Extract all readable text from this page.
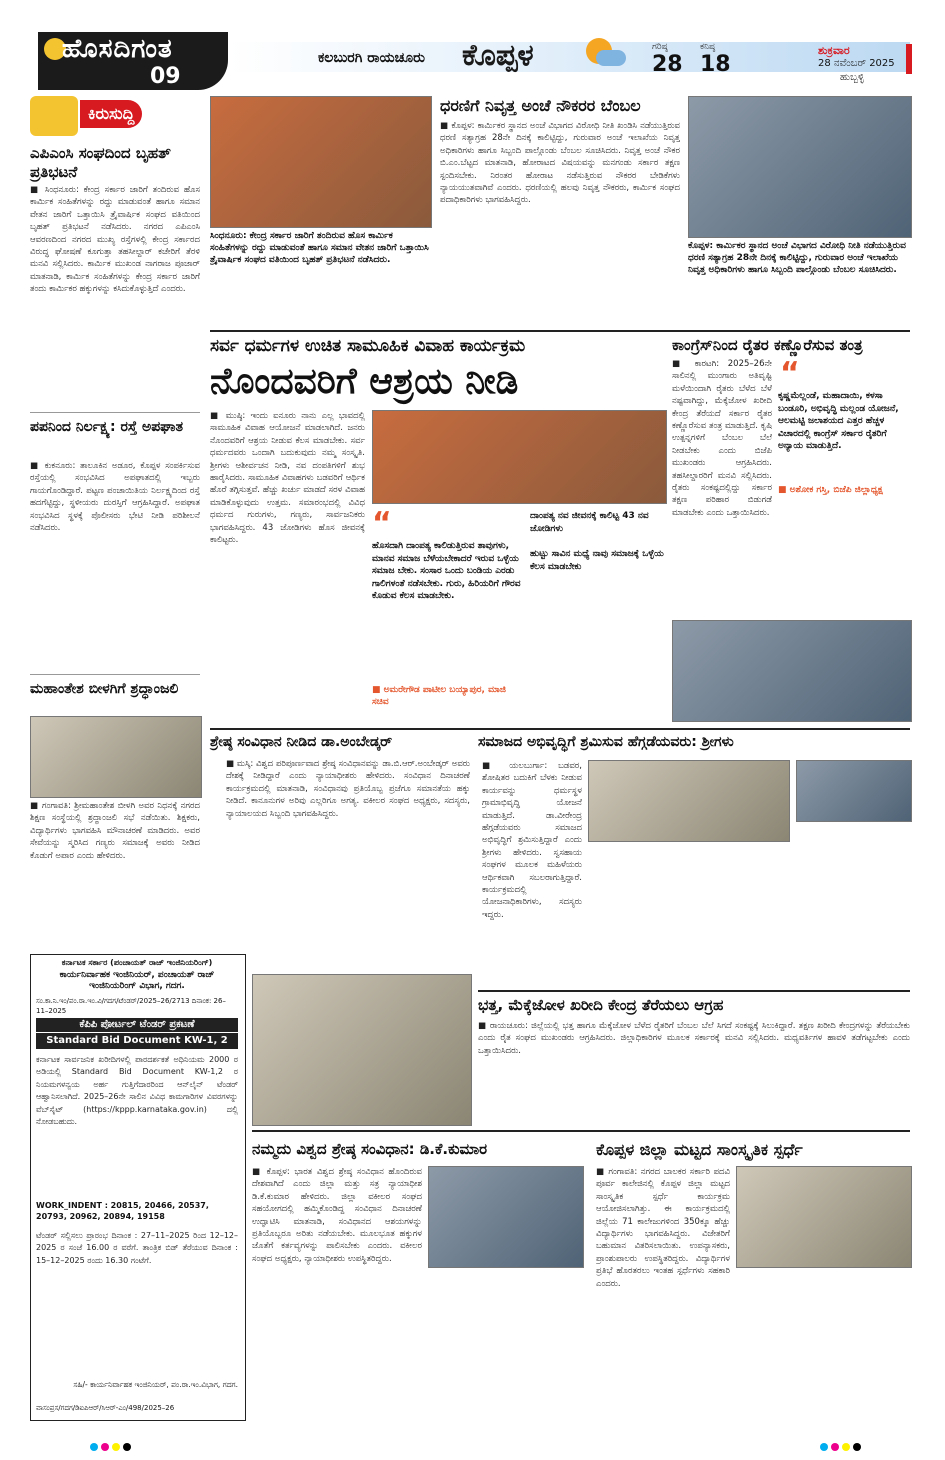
ಹೊಸದಿಗಂತ
09
ಕಲಬುರಗಿ ರಾಯಚೂರು ಕೊಪ್ಪಳ	ಗರಿಷ್ಠ
28
ಕನಿಷ್ಠ
18
ಶುಕ್ರವಾರ
28 ನವೆಂಬರ್ 2025
ಹುಬ್ಬಳ್ಳಿ
ಕಿರುಸುದ್ದಿ
ಎಪಿಎಂಸಿ ಸಂಘದಿಂದ ಬೃಹತ್ ಪ್ರತಿಭಟನೆ
■ ಸಿಂಧನೂರು: ಕೇಂದ್ರ ಸರ್ಕಾರ ಜಾರಿಗೆ ತಂದಿರುವ ಹೊಸ ಕಾರ್ಮಿಕ ಸಂಹಿತೆಗಳನ್ನು ರದ್ದು ಮಾಡುವಂತೆ ಹಾಗೂ ಸಮಾನ ವೇತನ ಜಾರಿಗೆ ಒತ್ತಾಯಿಸಿ ತ್ರೈವಾರ್ಷಿಕ ಸಂಘದ ವತಿಯಿಂದ ಬೃಹತ್ ಪ್ರತಿಭಟನೆ ನಡೆಸಿದರು. ನಗರದ ಎಪಿಎಂಸಿ ಆವರಣದಿಂದ ನಗರದ ಮುಖ್ಯ ರಸ್ತೆಗಳಲ್ಲಿ ಕೇಂದ್ರ ಸರ್ಕಾರದ ವಿರುದ್ಧ ಘೋಷಣೆ ಕೂಗುತ್ತಾ ತಹಸೀಲ್ದಾರ್ ಕಚೇರಿಗೆ ತೆರಳಿ ಮನವಿ ಸಲ್ಲಿಸಿದರು. ಕಾರ್ಮಿಕ ಮುಖಂಡ ನಾಗರಾಜ ಪೂಜಾರ್ ಮಾತನಾಡಿ, ಕಾರ್ಮಿಕ ಸಂಹಿತೆಗಳನ್ನು ಕೇಂದ್ರ ಸರ್ಕಾರ ಜಾರಿಗೆ ತಂದು ಕಾರ್ಮಿಕರ ಹಕ್ಕುಗಳನ್ನು ಕಸಿದುಕೊಳ್ಳುತ್ತಿದೆ ಎಂದರು.
ಪಪನಿಂದ ನಿರ್ಲಕ್ಷ್ಯ: ರಸ್ತೆ ಅಪಘಾತ
■ ಕುಕನೂರು: ತಾಲೂಕಿನ ಅಡೂರ, ಕೊಪ್ಪಳ ಸಂಪರ್ಕಿಸುವ ರಸ್ತೆಯಲ್ಲಿ ಸಂಭವಿಸಿದ ಅಪಘಾತದಲ್ಲಿ ಇಬ್ಬರು ಗಾಯಗೊಂಡಿದ್ದಾರೆ. ಪಟ್ಟಣ ಪಂಚಾಯಿತಿಯ ನಿರ್ಲಕ್ಷ್ಯದಿಂದ ರಸ್ತೆ ಹದಗೆಟ್ಟಿದ್ದು, ಸ್ಥಳೀಯರು ದುರಸ್ತಿಗೆ ಆಗ್ರಹಿಸಿದ್ದಾರೆ. ಅಪಘಾತ ಸಂಭವಿಸಿದ ಸ್ಥಳಕ್ಕೆ ಪೊಲೀಸರು ಭೇಟಿ ನೀಡಿ ಪರಿಶೀಲನೆ ನಡೆಸಿದರು.
ಮಹಾಂತೇಶ ಬೀಳಗಿಗೆ ಶ್ರದ್ಧಾಂಜಲಿ
■ ಗಂಗಾವತಿ: ಶ್ರೀಮಹಾಂತೇಶ ಬೀಳಗಿ ಅವರ ನಿಧನಕ್ಕೆ ನಗರದ ಶಿಕ್ಷಣ ಸಂಸ್ಥೆಯಲ್ಲಿ ಶ್ರದ್ಧಾಂಜಲಿ ಸಭೆ ನಡೆಯಿತು. ಶಿಕ್ಷಕರು, ವಿದ್ಯಾರ್ಥಿಗಳು ಭಾಗವಹಿಸಿ ಮೌನಾಚರಣೆ ಮಾಡಿದರು. ಅವರ ಸೇವೆಯನ್ನು ಸ್ಮರಿಸಿದ ಗಣ್ಯರು ಸಮಾಜಕ್ಕೆ ಅವರು ನೀಡಿದ ಕೊಡುಗೆ ಅಪಾರ ಎಂದು ಹೇಳಿದರು.
ಕರ್ನಾಟಕ ಸರ್ಕಾರ (ಪಂಚಾಯತ್ ರಾಜ್ ಇಂಜಿನಿಯರಿಂಗ್)
ಕಾರ್ಯನಿರ್ವಾಹಕ ಇಂಜಿನಿಯರ್, ಪಂಚಾಯತ್ ರಾಜ್ ಇಂಜಿನಿಯರಿಂಗ್ ವಿಭಾಗ, ಗದಗ.
ಸಂ.ಕಾ.ನಿ.ಇಂ/ಪಂ.ರಾ.ಇಂ.ವಿ/ಗದಗ/ಟೆಂಡರ್/2025–26/2713 ದಿನಾಂಕ: 26–11–2025
ಕೆಪಿಪಿ ಪೋರ್ಟಲ್ ಟೆಂಡರ್ ಪ್ರಕಟಣೆ
Standard Bid Document KW-1, 2
ಕರ್ನಾಟಕ ಸಾರ್ವಜನಿಕ ಖರೀದಿಗಳಲ್ಲಿ ಪಾರದರ್ಶಕತೆ ಅಧಿನಿಯಮ 2000 ರ ಅಡಿಯಲ್ಲಿ Standard Bid Document KW-1,2 ರ ನಿಯಮಗಳನ್ವಯ ಅರ್ಹ ಗುತ್ತಿಗೆದಾರರಿಂದ ಆನ್‌ಲೈನ್ ಟೆಂಡರ್ ಆಹ್ವಾನಿಸಲಾಗಿದೆ. 2025–26ನೇ ಸಾಲಿನ ವಿವಿಧ ಕಾಮಗಾರಿಗಳ ವಿವರಗಳನ್ನು ವೆಬ್‌ಸೈಟ್ (https://kppp.karnataka.gov.in) ದಲ್ಲಿ ನೋಡಬಹುದು.
WORK_INDENT : 20815, 20466, 20537, 20793, 20962, 20894, 19158
ಟೆಂಡರ್ ಸಲ್ಲಿಸಲು ಪ್ರಾರಂಭ ದಿನಾಂಕ : 27–11–2025 ರಿಂದ 12–12–2025 ರ ಸಂಜೆ 16.00 ರ ವರೆಗೆ. ತಾಂತ್ರಿಕ ಬಿಡ್ ತೆರೆಯುವ ದಿನಾಂಕ : 15–12–2025 ರಂದು 16.30 ಗಂಟೆಗೆ.
ಸಹಿ/- ಕಾರ್ಯನಿರ್ವಾಹಕ ಇಂಜಿನಿಯರ್, ಪಂ.ರಾ.ಇಂ.ವಿಭಾಗ, ಗದಗ.
ವಾಸಂಪ್ರಸ/ಗದಗ/ಡಿಐಪಿಆರ್/ಸಿಆರ್-ಎಂ/498/2025–26
ಸಿಂಧನೂರು: ಕೇಂದ್ರ ಸರ್ಕಾರ ಜಾರಿಗೆ ತಂದಿರುವ ಹೊಸ ಕಾರ್ಮಿಕ ಸಂಹಿತೆಗಳನ್ನು ರದ್ದು ಮಾಡುವಂತೆ ಹಾಗೂ ಸಮಾನ ವೇತನ ಜಾರಿಗೆ ಒತ್ತಾಯಿಸಿ ತ್ರೈವಾರ್ಷಿಕ ಸಂಘದ ವತಿಯಿಂದ ಬೃಹತ್ ಪ್ರತಿಭಟನೆ ನಡೆಸಿದರು.
ಧರಣಿಗೆ ನಿವೃತ್ತ ಅಂಚೆ ನೌಕರರ ಬೆಂಬಲ
■ ಕೊಪ್ಪಳ: ಕಾರ್ಮಿಕರ ಸ್ಥಾನದ ಅಂಚೆ ವಿಭಾಗದ ವಿರೋಧಿ ನೀತಿ ಖಂಡಿಸಿ ನಡೆಯುತ್ತಿರುವ ಧರಣಿ ಸತ್ಯಾಗ್ರಹ 28ನೇ ದಿನಕ್ಕೆ ಕಾಲಿಟ್ಟಿದ್ದು, ಗುರುವಾರ ಅಂಚೆ ಇಲಾಖೆಯ ನಿವೃತ್ತ ಅಧಿಕಾರಿಗಳು ಹಾಗೂ ಸಿಬ್ಬಂದಿ ಪಾಲ್ಗೊಂಡು ಬೆಂಬಲ ಸೂಚಿಸಿದರು. ನಿವೃತ್ತ ಅಂಚೆ ನೌಕರ ಬಿ.ಎಂ.ಬೆಟ್ಟದ ಮಾತನಾಡಿ, ಹೋರಾಟದ ವಿಷಯವನ್ನು ಮನಗಂಡು ಸರ್ಕಾರ ತಕ್ಷಣ ಸ್ಪಂದಿಸಬೇಕು. ನಿರಂತರ ಹೋರಾಟ ನಡೆಸುತ್ತಿರುವ ನೌಕರರ ಬೇಡಿಕೆಗಳು ನ್ಯಾಯಯುತವಾಗಿವೆ ಎಂದರು. ಧರಣಿಯಲ್ಲಿ ಹಲವು ನಿವೃತ್ತ ನೌಕರರು, ಕಾರ್ಮಿಕ ಸಂಘದ ಪದಾಧಿಕಾರಿಗಳು ಭಾಗವಹಿಸಿದ್ದರು.
ಕೊಪ್ಪಳ: ಕಾರ್ಮಿಕರ ಸ್ಥಾನದ ಅಂಚೆ ವಿಭಾಗದ ವಿರೋಧಿ ನೀತಿ ನಡೆಯುತ್ತಿರುವ ಧರಣಿ ಸತ್ಯಾಗ್ರಹ 28ನೇ ದಿನಕ್ಕೆ ಕಾಲಿಟ್ಟಿದ್ದು, ಗುರುವಾರ ಅಂಚೆ ಇಲಾಖೆಯ ನಿವೃತ್ತ ಅಧಿಕಾರಿಗಳು ಹಾಗೂ ಸಿಬ್ಬಂದಿ ಪಾಲ್ಗೊಂಡು ಬೆಂಬಲ ಸೂಚಿಸಿದರು.
ಸರ್ವ ಧರ್ಮಗಳ ಉಚಿತ ಸಾಮೂಹಿಕ ವಿವಾಹ ಕಾರ್ಯಕ್ರಮ
ನೊಂದವರಿಗೆ ಆಶ್ರಯ ನೀಡಿ
■ ಮುಷ್ಠಿ: ಇಂದು ಐನೂರು ನಾನು ಎಲ್ಲ ಭಾವದಲ್ಲಿ ಸಾಮೂಹಿಕ ವಿವಾಹ ಆಯೋಜನೆ ಮಾಡಲಾಗಿದೆ. ಜನರು ನೊಂದವರಿಗೆ ಆಶ್ರಯ ನೀಡುವ ಕೆಲಸ ಮಾಡಬೇಕು. ಸರ್ವ ಧರ್ಮದವರು ಒಂದಾಗಿ ಬದುಕುವುದು ನಮ್ಮ ಸಂಸ್ಕೃತಿ. ಶ್ರೀಗಳು ಆಶೀರ್ವಚನ ನೀಡಿ, ನವ ದಂಪತಿಗಳಿಗೆ ಶುಭ ಹಾರೈಸಿದರು. ಸಾಮೂಹಿಕ ವಿವಾಹಗಳು ಬಡವರಿಗೆ ಆರ್ಥಿಕ ಹೊರೆ ತಗ್ಗಿಸುತ್ತವೆ. ಹೆಚ್ಚು ಖರ್ಚು ಮಾಡದೆ ಸರಳ ವಿವಾಹ ಮಾಡಿಕೊಳ್ಳುವುದು ಉತ್ತಮ. ಸಮಾರಂಭದಲ್ಲಿ ವಿವಿಧ ಧರ್ಮದ ಗುರುಗಳು, ಗಣ್ಯರು, ಸಾರ್ವಜನಿಕರು ಭಾಗವಹಿಸಿದ್ದರು. 43 ಜೋಡಿಗಳು ಹೊಸ ಜೀವನಕ್ಕೆ ಕಾಲಿಟ್ಟರು.	“
ಹೊಸದಾಗಿ ದಾಂಪತ್ಯ ಕಾಲಿಡುತ್ತಿರುವ ತಾವುಗಳು, ಮಾನವ ಸಮಾಜ ಬೆಳೆಯಬೇಕಾದರೆ ಇರುವ ಒಳ್ಳೆಯ ಸಮಾಜ ಬೇಕು. ಸಂಸಾರ ಒಂದು ಬಂಡಿಯ ಎರಡು ಗಾಲಿಗಳಂತೆ ನಡೆಸಬೇಕು. ಗುರು, ಹಿರಿಯರಿಗೆ ಗೌರವ ಕೊಡುವ ಕೆಲಸ ಮಾಡಬೇಕು.
■ ಅಮರೇಗೌಡ ಪಾಟೀಲ ಬಯ್ಯಾಪುರ, ಮಾಜಿ ಸಚಿವ
ದಾಂಪತ್ಯ ನವ ಜೀವನಕ್ಕೆ ಕಾಲಿಟ್ಟ 43 ನವ ಜೋಡಿಗಳು
ಹುಟ್ಟು ಸಾವಿನ ಮಧ್ಯೆ ನಾವು ಸಮಾಜಕ್ಕೆ ಒಳ್ಳೆಯ ಕೆಲಸ ಮಾಡಬೇಕು
ಕಾಂಗ್ರೆಸ್‌ನಿಂದ ರೈತರ ಕಣ್ಣೊರೆಸುವ ತಂತ್ರ
■ ಕಾರಟಗಿ: 2025–26ನೇ ಸಾಲಿನಲ್ಲಿ ಮುಂಗಾರು ಅತಿವೃಷ್ಟಿ ಮಳೆಯಿಂದಾಗಿ ರೈತರು ಬೆಳೆದ ಬೆಳೆ ನಷ್ಟವಾಗಿದ್ದು, ಮೆಕ್ಕೆಜೋಳ ಖರೀದಿ ಕೇಂದ್ರ ತೆರೆಯದೆ ಸರ್ಕಾರ ರೈತರ ಕಣ್ಣೊರೆಸುವ ತಂತ್ರ ಮಾಡುತ್ತಿದೆ. ಕೃಷಿ ಉತ್ಪನ್ನಗಳಿಗೆ ಬೆಂಬಲ ಬೆಲೆ ನೀಡಬೇಕು ಎಂದು ಬಿಜೆಪಿ ಮುಖಂಡರು ಆಗ್ರಹಿಸಿದರು. ತಹಸೀಲ್ದಾರರಿಗೆ ಮನವಿ ಸಲ್ಲಿಸಿದರು. ರೈತರು ಸಂಕಷ್ಟದಲ್ಲಿದ್ದು ಸರ್ಕಾರ ತಕ್ಷಣ ಪರಿಹಾರ ಬಿಡುಗಡೆ ಮಾಡಬೇಕು ಎಂದು ಒತ್ತಾಯಿಸಿದರು.
“
ಕೃಷ್ಣಮೆಲ್ಲಂಡೆ, ಮಹಾದಾಯಿ, ಕಳಸಾ ಬಂಡೂರಿ, ಅಭಿವೃದ್ಧಿ ಮಲ್ಲಂಡ ಯೋಜನೆ, ಆಲಮಟ್ಟಿ ಜಲಾಶಯದ ಎತ್ತರ ಹೆಚ್ಚಳ ವಿಚಾರದಲ್ಲಿ ಕಾಂಗ್ರೆಸ್ ಸರ್ಕಾರ ರೈತರಿಗೆ ಅನ್ಯಾಯ ಮಾಡುತ್ತಿದೆ.
■ ಅಶೋಕ ಗಸ್ತಿ, ಬಿಜೆಪಿ ಜಿಲ್ಲಾಧ್ಯಕ್ಷ
ಶ್ರೇಷ್ಠ ಸಂವಿಧಾನ ನೀಡಿದ ಡಾ.ಅಂಬೇಡ್ಕರ್
■ ಮಸ್ಕಿ: ವಿಶ್ವದ ಪರಿಪೂರ್ಣವಾದ ಶ್ರೇಷ್ಠ ಸಂವಿಧಾನವನ್ನು ಡಾ.ಬಿ.ಆರ್.ಅಂಬೇಡ್ಕರ್ ಅವರು ದೇಶಕ್ಕೆ ನೀಡಿದ್ದಾರೆ ಎಂದು ನ್ಯಾಯಾಧೀಶರು ಹೇಳಿದರು. ಸಂವಿಧಾನ ದಿನಾಚರಣೆ ಕಾರ್ಯಕ್ರಮದಲ್ಲಿ ಮಾತನಾಡಿ, ಸಂವಿಧಾನವು ಪ್ರತಿಯೊಬ್ಬ ಪ್ರಜೆಗೂ ಸಮಾನತೆಯ ಹಕ್ಕು ನೀಡಿದೆ. ಕಾನೂನುಗಳ ಅರಿವು ಎಲ್ಲರಿಗೂ ಅಗತ್ಯ. ವಕೀಲರ ಸಂಘದ ಅಧ್ಯಕ್ಷರು, ಸದಸ್ಯರು, ನ್ಯಾಯಾಲಯದ ಸಿಬ್ಬಂದಿ ಭಾಗವಹಿಸಿದ್ದರು.
ಸಮಾಜದ ಅಭಿವೃದ್ಧಿಗೆ ಶ್ರಮಿಸುವ ಹೆಗ್ಗಡೆಯವರು: ಶ್ರೀಗಳು
■ ಯಲಬುರ್ಗಾ: ಬಡವರ, ಶೋಷಿತರ ಬದುಕಿಗೆ ಬೆಳಕು ನೀಡುವ ಕಾರ್ಯವನ್ನು ಧರ್ಮಸ್ಥಳ ಗ್ರಾಮಾಭಿವೃದ್ಧಿ ಯೋಜನೆ ಮಾಡುತ್ತಿದೆ. ಡಾ.ವೀರೇಂದ್ರ ಹೆಗ್ಗಡೆಯವರು ಸಮಾಜದ ಅಭಿವೃದ್ಧಿಗೆ ಶ್ರಮಿಸುತ್ತಿದ್ದಾರೆ ಎಂದು ಶ್ರೀಗಳು ಹೇಳಿದರು. ಸ್ವಸಹಾಯ ಸಂಘಗಳ ಮೂಲಕ ಮಹಿಳೆಯರು ಆರ್ಥಿಕವಾಗಿ ಸಬಲರಾಗುತ್ತಿದ್ದಾರೆ. ಕಾರ್ಯಕ್ರಮದಲ್ಲಿ ಯೋಜನಾಧಿಕಾರಿಗಳು, ಸದಸ್ಯರು ಇದ್ದರು.
ಭತ್ತ, ಮೆಕ್ಕೆಜೋಳ ಖರೀದಿ ಕೇಂದ್ರ ತೆರೆಯಲು ಆಗ್ರಹ
■ ರಾಯಚೂರು: ಜಿಲ್ಲೆಯಲ್ಲಿ ಭತ್ತ ಹಾಗೂ ಮೆಕ್ಕೆಜೋಳ ಬೆಳೆದ ರೈತರಿಗೆ ಬೆಂಬಲ ಬೆಲೆ ಸಿಗದೆ ಸಂಕಷ್ಟಕ್ಕೆ ಸಿಲುಕಿದ್ದಾರೆ. ತಕ್ಷಣ ಖರೀದಿ ಕೇಂದ್ರಗಳನ್ನು ತೆರೆಯಬೇಕು ಎಂದು ರೈತ ಸಂಘದ ಮುಖಂಡರು ಆಗ್ರಹಿಸಿದರು. ಜಿಲ್ಲಾಧಿಕಾರಿಗಳ ಮೂಲಕ ಸರ್ಕಾರಕ್ಕೆ ಮನವಿ ಸಲ್ಲಿಸಿದರು. ಮಧ್ಯವರ್ತಿಗಳ ಹಾವಳಿ ತಡೆಗಟ್ಟಬೇಕು ಎಂದು ಒತ್ತಾಯಿಸಿದರು.
ನಮ್ಮದು ವಿಶ್ವದ ಶ್ರೇಷ್ಠ ಸಂವಿಧಾನ: ಡಿ.ಕೆ.ಕುಮಾರ
■ ಕೊಪ್ಪಳ: ಭಾರತ ವಿಶ್ವದ ಶ್ರೇಷ್ಠ ಸಂವಿಧಾನ ಹೊಂದಿರುವ ದೇಶವಾಗಿದೆ ಎಂದು ಜಿಲ್ಲಾ ಮತ್ತು ಸತ್ರ ನ್ಯಾಯಾಧೀಶ ಡಿ.ಕೆ.ಕುಮಾರ ಹೇಳಿದರು. ಜಿಲ್ಲಾ ವಕೀಲರ ಸಂಘದ ಸಹಯೋಗದಲ್ಲಿ ಹಮ್ಮಿಕೊಂಡಿದ್ದ ಸಂವಿಧಾನ ದಿನಾಚರಣೆ ಉದ್ಘಾಟಿಸಿ ಮಾತನಾಡಿ, ಸಂವಿಧಾನದ ಆಶಯಗಳನ್ನು ಪ್ರತಿಯೊಬ್ಬರೂ ಅರಿತು ನಡೆಯಬೇಕು. ಮೂಲಭೂತ ಹಕ್ಕುಗಳ ಜೊತೆಗೆ ಕರ್ತವ್ಯಗಳನ್ನು ಪಾಲಿಸಬೇಕು ಎಂದರು. ವಕೀಲರ ಸಂಘದ ಅಧ್ಯಕ್ಷರು, ನ್ಯಾಯಾಧೀಶರು ಉಪಸ್ಥಿತರಿದ್ದರು.
ಕೊಪ್ಪಳ ಜಿಲ್ಲಾ ಮಟ್ಟದ ಸಾಂಸ್ಕೃತಿಕ ಸ್ಪರ್ಧೆ
■ ಗಂಗಾವತಿ: ನಗರದ ಬಾಲಕರ ಸರ್ಕಾರಿ ಪದವಿ ಪೂರ್ವ ಕಾಲೇಜಿನಲ್ಲಿ ಕೊಪ್ಪಳ ಜಿಲ್ಲಾ ಮಟ್ಟದ ಸಾಂಸ್ಕೃತಿಕ ಸ್ಪರ್ಧೆ ಕಾರ್ಯಕ್ರಮ ಆಯೋಜಿಸಲಾಗಿತ್ತು. ಈ ಕಾರ್ಯಕ್ರಮದಲ್ಲಿ ಜಿಲ್ಲೆಯ 71 ಕಾಲೇಜುಗಳಿಂದ 350ಕ್ಕೂ ಹೆಚ್ಚು ವಿದ್ಯಾರ್ಥಿಗಳು ಭಾಗವಹಿಸಿದ್ದರು. ವಿಜೇತರಿಗೆ ಬಹುಮಾನ ವಿತರಿಸಲಾಯಿತು. ಉಪನ್ಯಾಸಕರು, ಪ್ರಾಂಶುಪಾಲರು ಉಪಸ್ಥಿತರಿದ್ದರು. ವಿದ್ಯಾರ್ಥಿಗಳ ಪ್ರತಿಭೆ ಹೊರತರಲು ಇಂತಹ ಸ್ಪರ್ಧೆಗಳು ಸಹಕಾರಿ ಎಂದರು.
